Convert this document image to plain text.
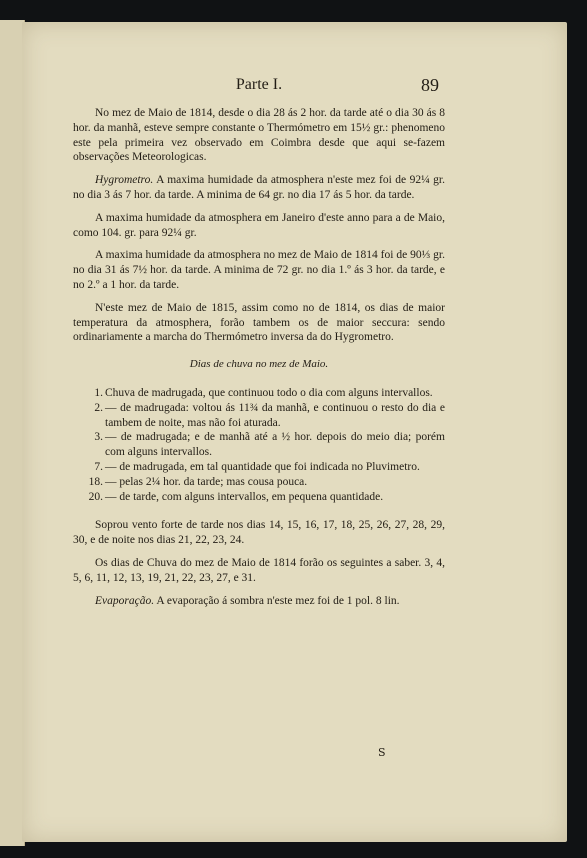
Parte I.	89

No mez de Maio de 1814, desde o dia 28 ás 2 hor. da tarde até o dia 30 ás 8 hor. da manhã, esteve sempre constante o Thermómetro em 15½ gr.: phenomeno este pela primeira vez observado em Coimbra desde que aqui se-fazem observações Meteorologicas.

Hygrometro. A maxima humidade da atmosphera n'este mez foi de 92¼ gr. no dia 3 ás 7 hor. da tarde. A minima de 64 gr. no dia 17 ás 5 hor. da tarde.

A maxima humidade da atmosphera em Janeiro d'este anno para a de Maio, como 104. gr. para 92¼ gr.

A maxima humidade da atmosphera no mez de Maio de 1814 foi de 90⅓ gr. no dia 31 ás 7½ hor. da tarde. A minima de 72 gr. no dia 1.º ás 3 hor. da tarde, e no 2.º a 1 hor. da tarde.

N'este mez de Maio de 1815, assim como no de 1814, os dias de maior temperatura da atmosphera, forão tambem os de maior seccura: sendo ordinariamente a marcha do Thermómetro inversa da do Hygrometro.

Dias de chuva no mez de Maio.
1. Chuva de madrugada, que continuou todo o dia com alguns intervallos.
2. — de madrugada: voltou ás 11¾ da manhã, e continuou o resto do dia e tambem de noite, mas não foi aturada.
3. — de madrugada; e de manhã até a ½ hor. depois do meio dia; porém com alguns intervallos.
7. — de madrugada, em tal quantidade que foi indicada no Pluvimetro.
18. — pelas 2¼ hor. da tarde; mas cousa pouca.
20. — de tarde, com alguns intervallos, em pequena quantidade.

Soprou vento forte de tarde nos dias 14, 15, 16, 17, 18, 25, 26, 27, 28, 29, 30, e de noite nos dias 21, 22, 23, 24.

Os dias de Chuva do mez de Maio de 1814 forão os seguintes a saber. 3, 4, 5, 6, 11, 12, 13, 19, 21, 22, 23, 27, e 31.

Evaporação. A evaporação á sombra n'este mez foi de 1 pol. 8 lin.

S
